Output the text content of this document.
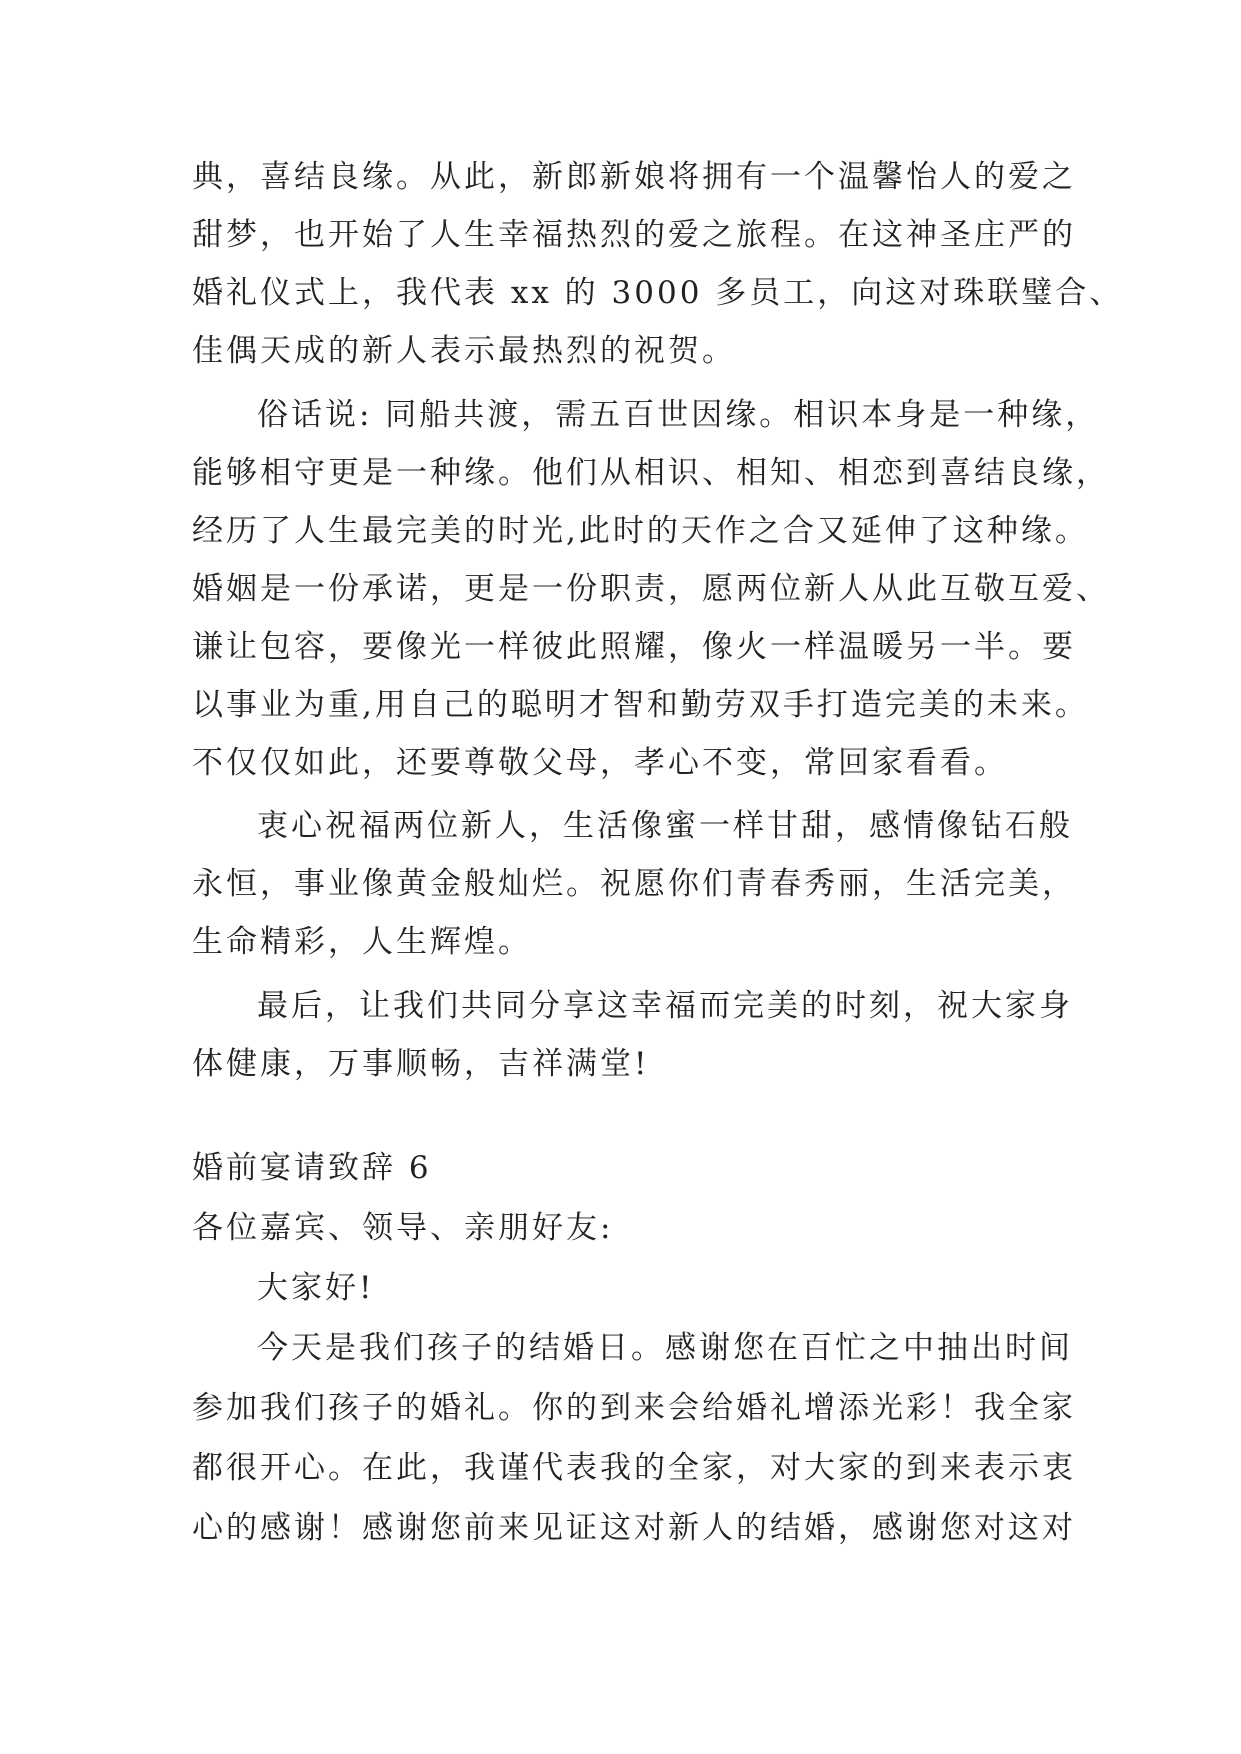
典，喜结良缘。从此，新郎新娘将拥有一个温馨怡人的爱之
甜梦，也开始了人生幸福热烈的爱之旅程。在这神圣庄严的
婚礼仪式上，我代表 xx 的 3000 多员工，向这对珠联璧合、
佳偶天成的新人表示最热烈的祝贺。
俗话说: 同船共渡，需五百世因缘。相识本身是一种缘，
能够相守更是一种缘。他们从相识、相知、相恋到喜结良缘，
经历了人生最完美的时光,此时的天作之合又延伸了这种缘。
婚姻是一份承诺，更是一份职责，愿两位新人从此互敬互爱、
谦让包容，要像光一样彼此照耀，像火一样温暖另一半。要
以事业为重,用自己的聪明才智和勤劳双手打造完美的未来。
不仅仅如此，还要尊敬父母，孝心不变，常回家看看。
衷心祝福两位新人，生活像蜜一样甘甜，感情像钻石般
永恒，事业像黄金般灿烂。祝愿你们青春秀丽，生活完美，
生命精彩，人生辉煌。
最后，让我们共同分享这幸福而完美的时刻，祝大家身
体健康，万事顺畅，吉祥满堂!
婚前宴请致辞 6
各位嘉宾、领导、亲朋好友:
大家好!
今天是我们孩子的结婚日。感谢您在百忙之中抽出时间
参加我们孩子的婚礼。你的到来会给婚礼增添光彩！我全家
都很开心。在此，我谨代表我的全家，对大家的到来表示衷
心的感谢！感谢您前来见证这对新人的结婚，感谢您对这对
